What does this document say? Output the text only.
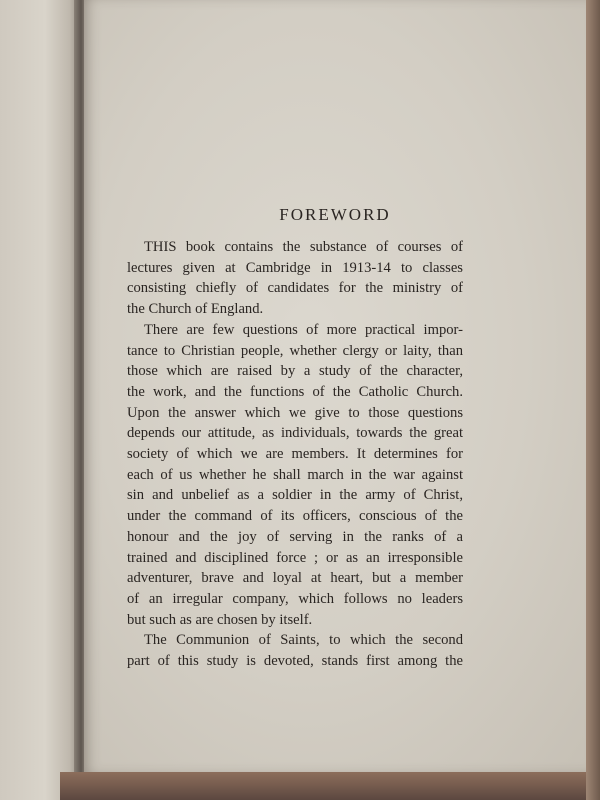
FOREWORD
THIS book contains the substance of courses of
lectures given at Cambridge in 1913-14 to classes
consisting chiefly of candidates for the ministry of
the Church of England.
There are few questions of more practical impor-
tance to Christian people, whether clergy or laity, than
those which are raised by a study of the character,
the work, and the functions of the Catholic Church.
Upon the answer which we give to those questions
depends our attitude, as individuals, towards the great
society of which we are members. It determines for
each of us whether he shall march in the war against
sin and unbelief as a soldier in the army of Christ,
under the command of its officers, conscious of the
honour and the joy of serving in the ranks of a
trained and disciplined force ; or as an irresponsible
adventurer, brave and loyal at heart, but a member
of an irregular company, which follows no leaders
but such as are chosen by itself.
The Communion of Saints, to which the second
part of this study is devoted, stands first among the
